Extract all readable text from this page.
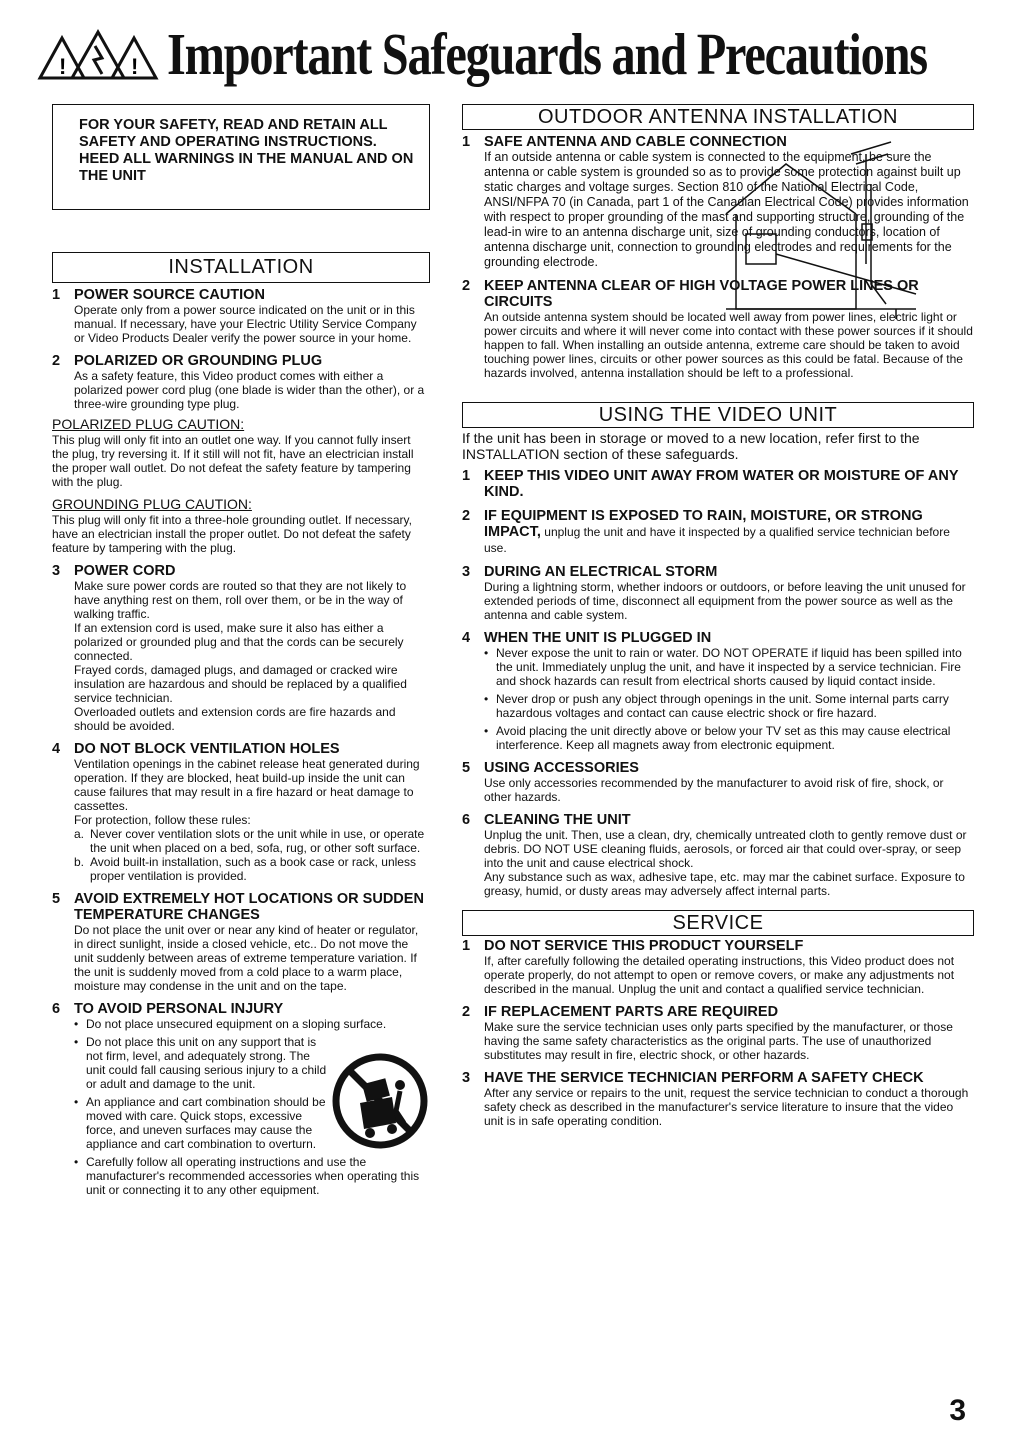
!	! Important Safeguards and Precautions
FOR YOUR SAFETY, READ AND RETAIN ALL SAFETY AND OPERATING INSTRUCTIONS. HEED ALL WARNINGS IN THE MANUAL AND ON THE UNIT
INSTALLATION
1 POWER SOURCE CAUTION

Operate only from a power source indicated on the unit or in this manual. If necessary, have your Electric Utility Service Company or Video Products Dealer verify the power source in your home.

2 POLARIZED OR GROUNDING PLUG

As a safety feature, this Video product comes with either a polarized power cord plug (one blade is wider than the other), or a three-wire grounding type plug.

POLARIZED PLUG CAUTION:

This plug will only fit into an outlet one way. If you cannot fully insert the plug, try reversing it. If it still will not fit, have an electrician install the proper wall outlet. Do not defeat the safety feature by tampering with the plug.

GROUNDING PLUG CAUTION:

This plug will only fit into a three-hole grounding outlet. If necessary, have an electrician install the proper outlet. Do not defeat the safety feature by tampering with the plug.

3 POWER CORD

Make sure power cords are routed so that they are not likely to have anything rest on them, roll over them, or be in the way of walking traffic.

If an extension cord is used, make sure it also has either a polarized or grounded plug and that the cords can be securely connected.

Frayed cords, damaged plugs, and damaged or cracked wire insulation are hazardous and should be replaced by a qualified service technician.

Overloaded outlets and extension cords are fire hazards and should be avoided.

4 DO NOT BLOCK VENTILATION HOLES

Ventilation openings in the cabinet release heat generated during operation. If they are blocked, heat build-up inside the unit can cause failures that may result in a fire hazard or heat damage to cassettes.

For protection, follow these rules:

a. Never cover ventilation slots or the unit while in use, or operate the unit when placed on a bed, sofa, rug, or other soft surface.
b. Avoid built-in installation, such as a book case or rack, unless proper ventilation is provided.
5 AVOID EXTREMELY HOT LOCATIONS OR SUDDEN TEMPERATURE CHANGES

Do not place the unit over or near any kind of heater or regulator, in direct sunlight, inside a closed vehicle, etc.. Do not move the unit suddenly between areas of extreme temperature variation. If the unit is suddenly moved from a cold place to a warm place, moisture may condense in the unit and on the tape.

6 TO AVOID PERSONAL INJURY
• Do not place unsecured equipment on a sloping surface.
• Do not place this unit on any support that is not firm, level, and adequately strong. The unit could fall causing serious injury to a child or adult and damage to the unit.
• An appliance and cart combination should be moved with care. Quick stops, excessive force, and uneven surfaces may cause the appliance and cart combination to overturn.
• Carefully follow all operating instructions and use the manufacturer's recommended accessories when operating this unit or connecting it to any other equipment.
OUTDOOR ANTENNA INSTALLATION
1 SAFE ANTENNA AND CABLE CONNECTION

If an outside antenna or cable system is connected to the equipment, be sure the antenna or cable system is grounded so as to provide some protection against built up static charges and voltage surges. Section 810 of the National Electrical Code, ANSI/NFPA 70 (in Canada, part 1 of the Canadian Electrical Code) provides information with respect to proper grounding of the mast and supporting structure, grounding of the lead-in wire to an antenna discharge unit, size of grounding conductors, location of antenna discharge unit, connection to grounding electrodes and requirements for the grounding electrode.

2 KEEP ANTENNA CLEAR OF HIGH VOLTAGE POWER LINES OR CIRCUITS

An outside antenna system should be located well away from power lines, electric light or power circuits and where it will never come into contact with these power sources if it should happen to fall. When installing an outside antenna, extreme care should be taken to avoid touching power lines, circuits or other power sources as this could be fatal. Because of the hazards involved, antenna installation should be left to a professional.

USING THE VIDEO UNIT

If the unit has been in storage or moved to a new location, refer first to the INSTALLATION section of these safeguards.

1 KEEP THIS VIDEO UNIT AWAY FROM WATER OR MOISTURE OF ANY KIND.
2 IF EQUIPMENT IS EXPOSED TO RAIN, MOISTURE, OR STRONG IMPACT, unplug the unit and have it inspected by a qualified service technician before use.
3 DURING AN ELECTRICAL STORM

During a lightning storm, whether indoors or outdoors, or before leaving the unit unused for extended periods of time, disconnect all equipment from the power source as well as the antenna and cable system.

4 WHEN THE UNIT IS PLUGGED IN
• Never expose the unit to rain or water. DO NOT OPERATE if liquid has been spilled into the unit. Immediately unplug the unit, and have it inspected by a service technician. Fire and shock hazards can result from electrical shorts caused by liquid contact inside.
• Never drop or push any object through openings in the unit. Some internal parts carry hazardous voltages and contact can cause electric shock or fire hazard.
• Avoid placing the unit directly above or below your TV set as this may cause electrical interference. Keep all magnets away from electronic equipment.
5 USING ACCESSORIES

Use only accessories recommended by the manufacturer to avoid risk of fire, shock, or other hazards.

6 CLEANING THE UNIT

Unplug the unit. Then, use a clean, dry, chemically untreated cloth to gently remove dust or debris. DO NOT USE cleaning fluids, aerosols, or forced air that could over-spray, or seep into the unit and cause electrical shock.

Any substance such as wax, adhesive tape, etc. may mar the cabinet surface. Exposure to greasy, humid, or dusty areas may adversely affect internal parts.

SERVICE
1 DO NOT SERVICE THIS PRODUCT YOURSELF

If, after carefully following the detailed operating instructions, this Video product does not operate properly, do not attempt to open or remove covers, or make any adjustments not described in the manual. Unplug the unit and contact a qualified service technician.

2 IF REPLACEMENT PARTS ARE REQUIRED

Make sure the service technician uses only parts specified by the manufacturer, or those having the same safety characteristics as the original parts. The use of unauthorized substitutes may result in fire, electric shock, or other hazards.

3 HAVE THE SERVICE TECHNICIAN PERFORM A SAFETY CHECK

After any service or repairs to the unit, request the service technician to conduct a thorough safety check as described in the manufacturer's service literature to insure that the video unit is in safe operating condition.

3
